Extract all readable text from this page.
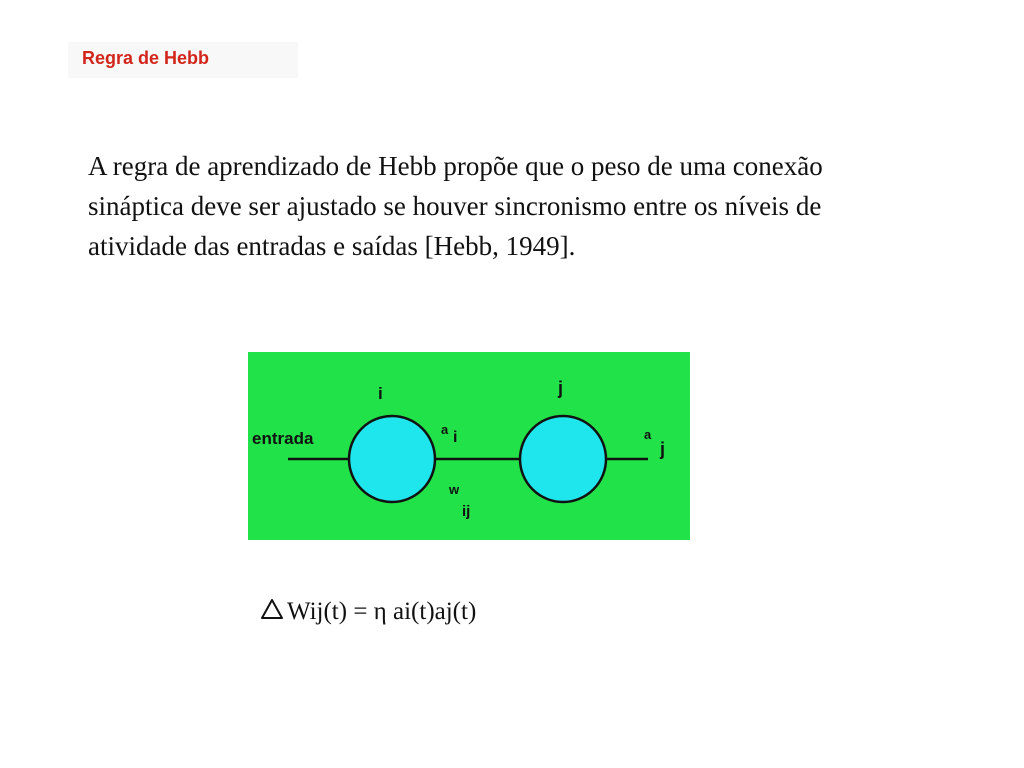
Regra de Hebb

A regra de aprendizado de Hebb propõe que o peso de uma conexão sináptica deve ser ajustado se houver sincronismo entre os níveis de atividade das entradas e saídas [Hebb, 1949].

entrada
i	j
a i	a
j
w
ij
Wij(t) = η ai(t)aj(t)
